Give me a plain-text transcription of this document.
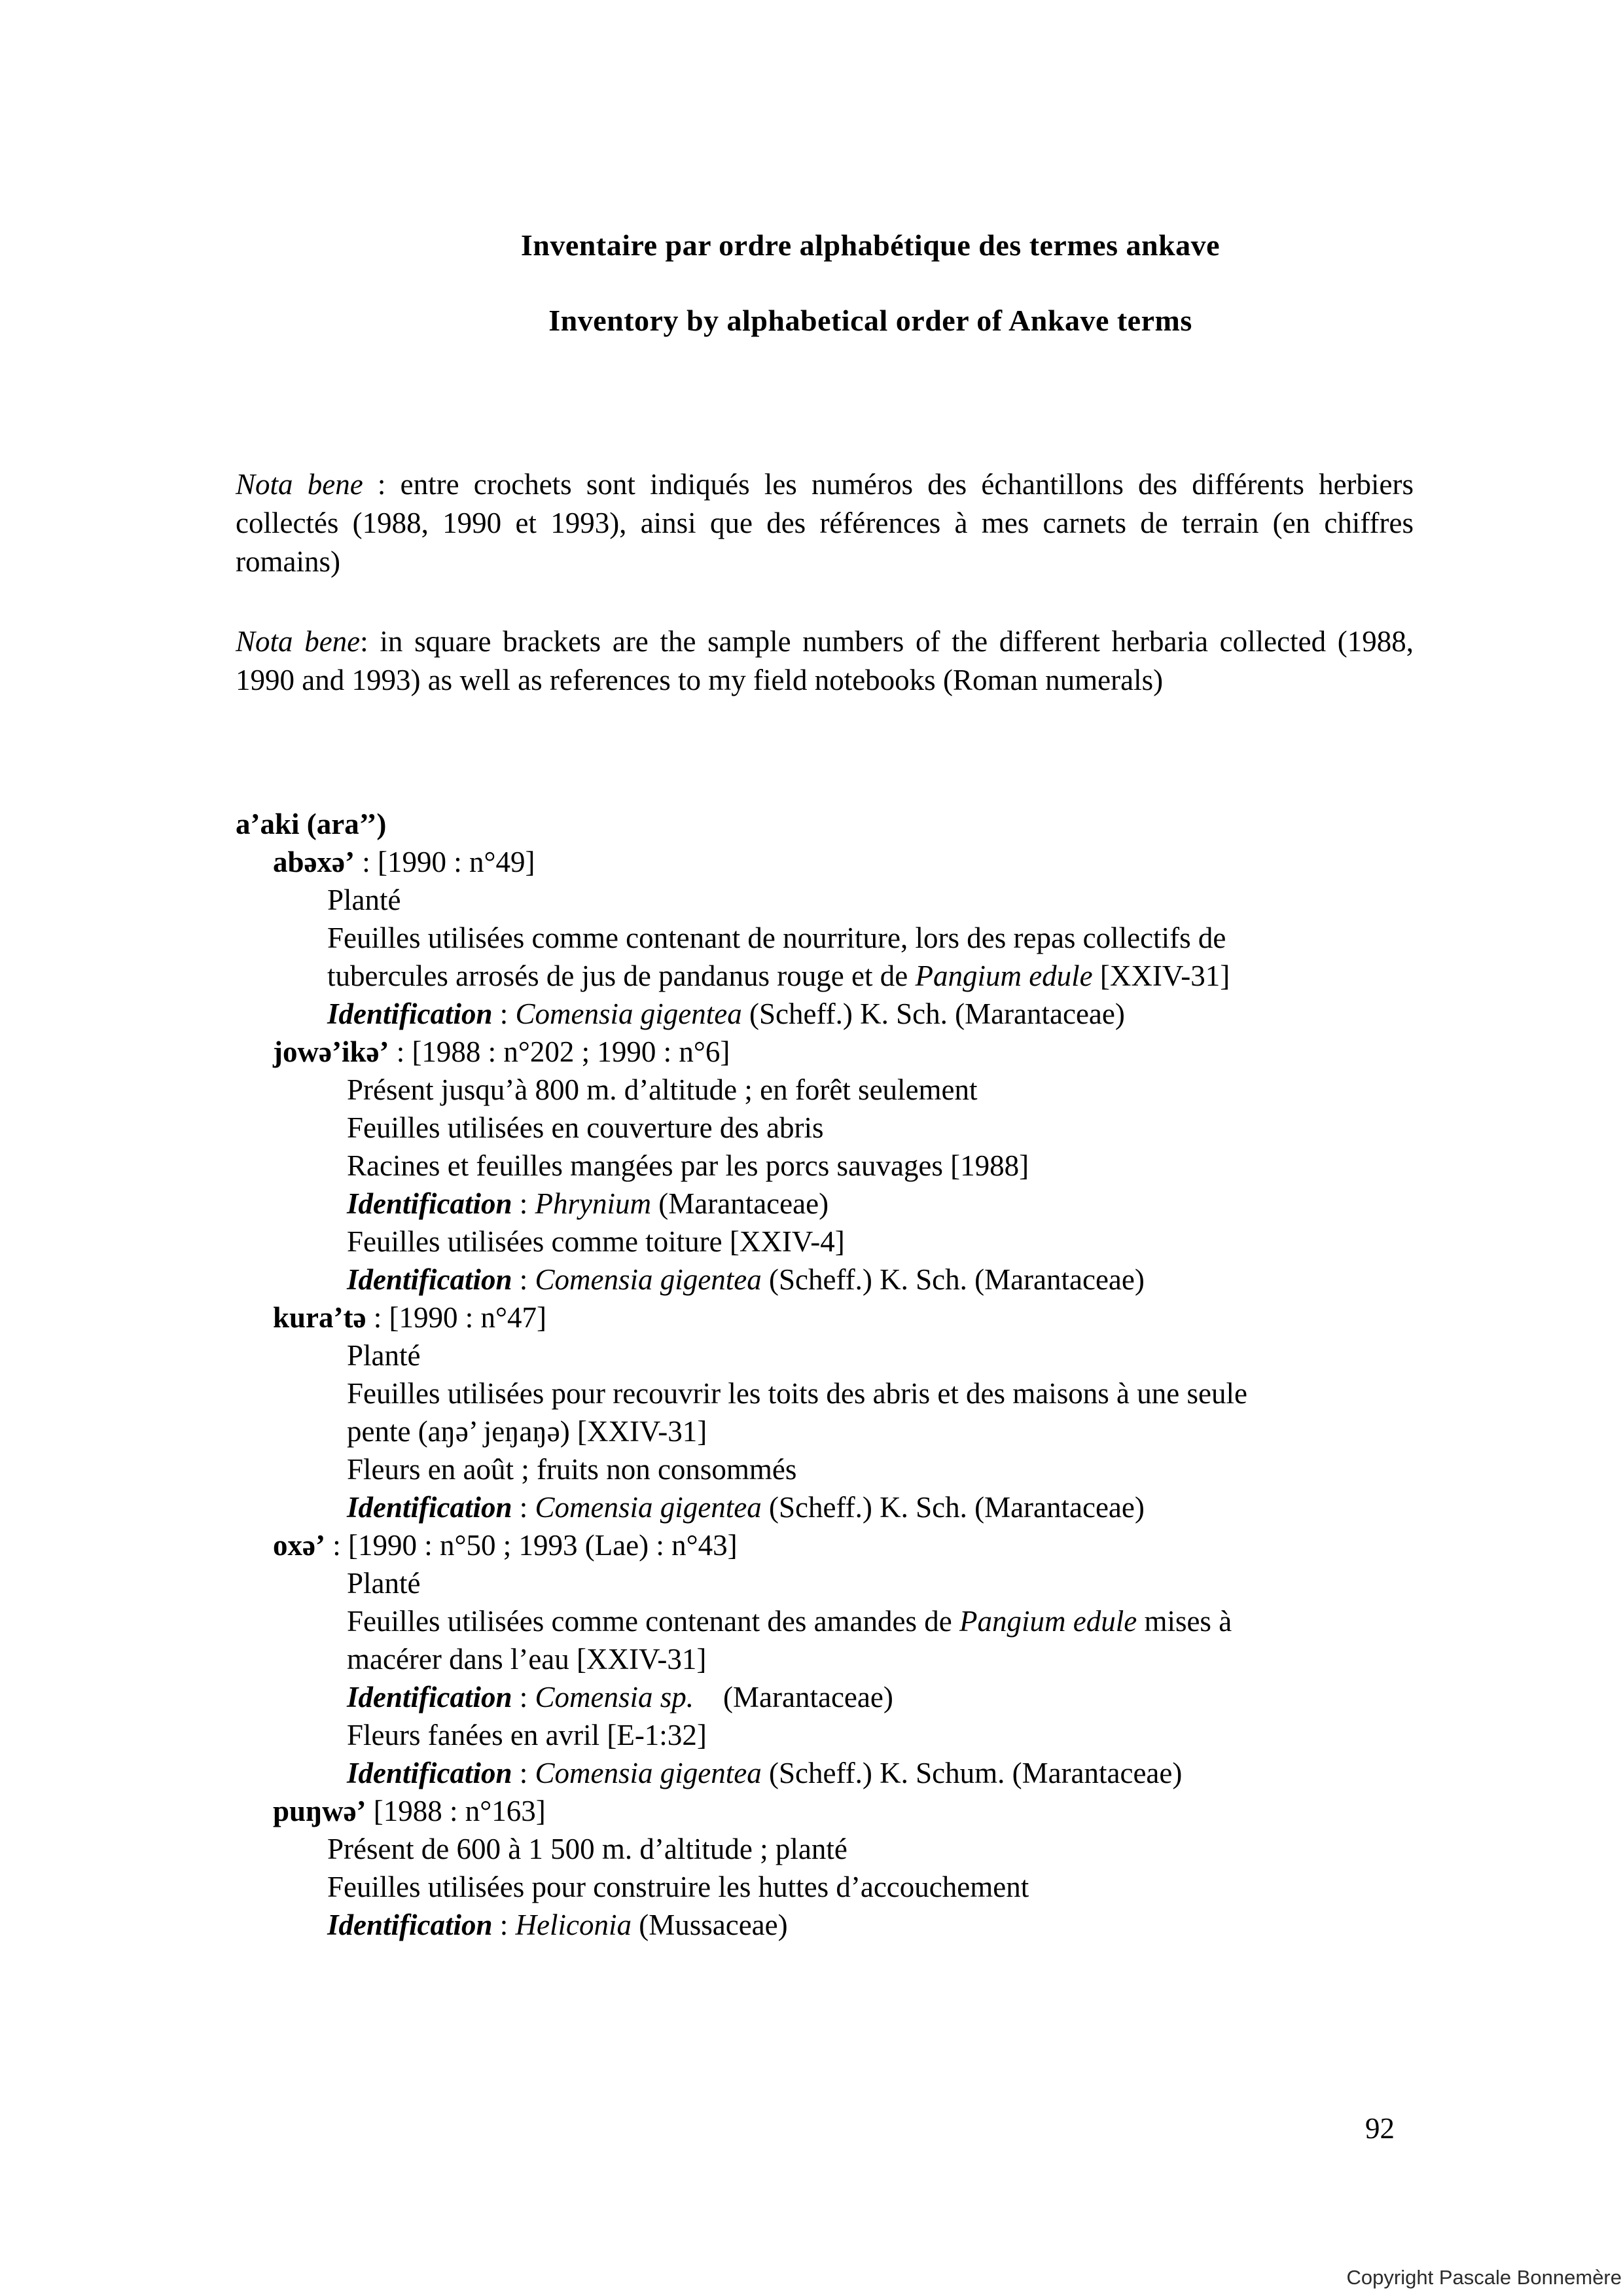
Inventaire par ordre alphabétique des termes ankave
Inventory by alphabetical order of Ankave terms
Nota bene : entre crochets sont indiqués les numéros des échantillons des différents herbiers
collectés (1988, 1990 et 1993), ainsi que des références à mes carnets de terrain (en chiffres
romains)
Nota bene: in square brackets are the sample numbers of the different herbaria collected (1988,
1990 and 1993) as well as references to my field notebooks (Roman numerals)
a’aki (ara’’)
abəxə’ : [1990 : n°49]
Planté
Feuilles utilisées comme contenant de nourriture, lors des repas collectifs de
tubercules arrosés de jus de pandanus rouge et de Pangium edule [XXIV-31]
Identification : Comensia gigentea (Scheff.) K. Sch. (Marantaceae)
jowə’ikə’ : [1988 : n°202 ; 1990 : n°6]
Présent jusqu’à 800 m. d’altitude ; en forêt seulement
Feuilles utilisées en couverture des abris
Racines et feuilles mangées par les porcs sauvages [1988]
Identification : Phrynium (Marantaceae)
Feuilles utilisées comme toiture [XXIV-4]
Identification : Comensia gigentea (Scheff.) K. Sch. (Marantaceae)
kura’tə : [1990 : n°47]
Planté
Feuilles utilisées pour recouvrir les toits des abris et des maisons à une seule
pente (aŋə’ jeŋaŋə) [XXIV-31]
Fleurs en août ; fruits non consommés
Identification : Comensia gigentea (Scheff.) K. Sch. (Marantaceae)
oxə’ : [1990 : n°50 ; 1993 (Lae) : n°43]
Planté
Feuilles utilisées comme contenant des amandes de Pangium edule mises à
macérer dans l’eau [XXIV-31]
Identification : Comensia sp.    (Marantaceae)
Fleurs fanées en avril [E-1:32]
Identification : Comensia gigentea (Scheff.) K. Schum. (Marantaceae)
puŋwə’ [1988 : n°163]
Présent de 600 à 1 500 m. d’altitude ; planté
Feuilles utilisées pour construire les huttes d’accouchement
Identification : Heliconia (Mussaceae)
92
Copyright Pascale Bonnemère
